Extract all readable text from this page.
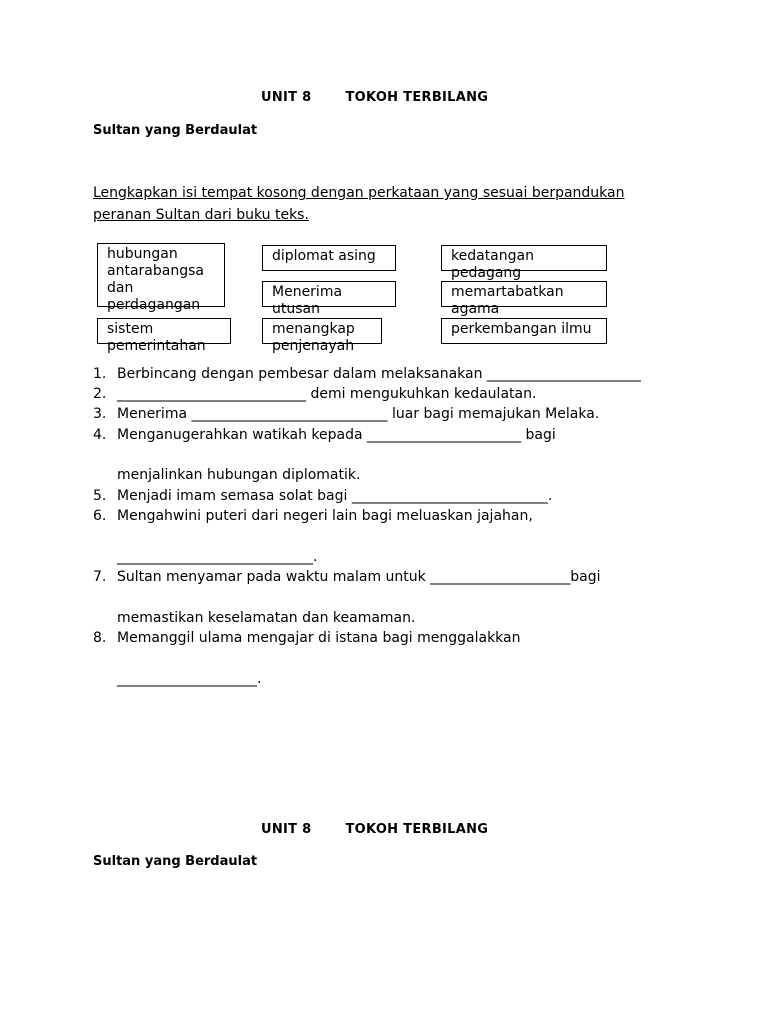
UNIT 8	TOKOH TERBILANG
Sultan yang Berdaulat
Lengkapkan isi tempat kosong dengan perkataan yang sesuai berpandukan
peranan Sultan dari buku teks.
hubungan
antarabangsa
dan
perdagangan
diplomat asing	kedatangan
pedagang
Menerima
utusan
memartabatkan
agama
sistem
pemerintahan
menangkap
penjenayah
perkembangan ilmu
1. Berbincang dengan pembesar dalam melaksanakan ______________________
2. ___________________________ demi mengukuhkan kedaulatan.
3. Menerima ____________________________ luar bagi memajukan Melaka.
4. Menganugerahkan watikah kepada ______________________ bagi
menjalinkan hubungan diplomatik.
5. Menjadi imam semasa solat bagi ____________________________.
6. Mengahwini puteri dari negeri lain bagi meluaskan jajahan,
____________________________.
7. Sultan menyamar pada waktu malam untuk ____________________bagi
memastikan keselamatan dan keamaman.
8. Memanggil ulama mengajar di istana bagi menggalakkan
____________________.
UNIT 8	TOKOH TERBILANG
Sultan yang Berdaulat
